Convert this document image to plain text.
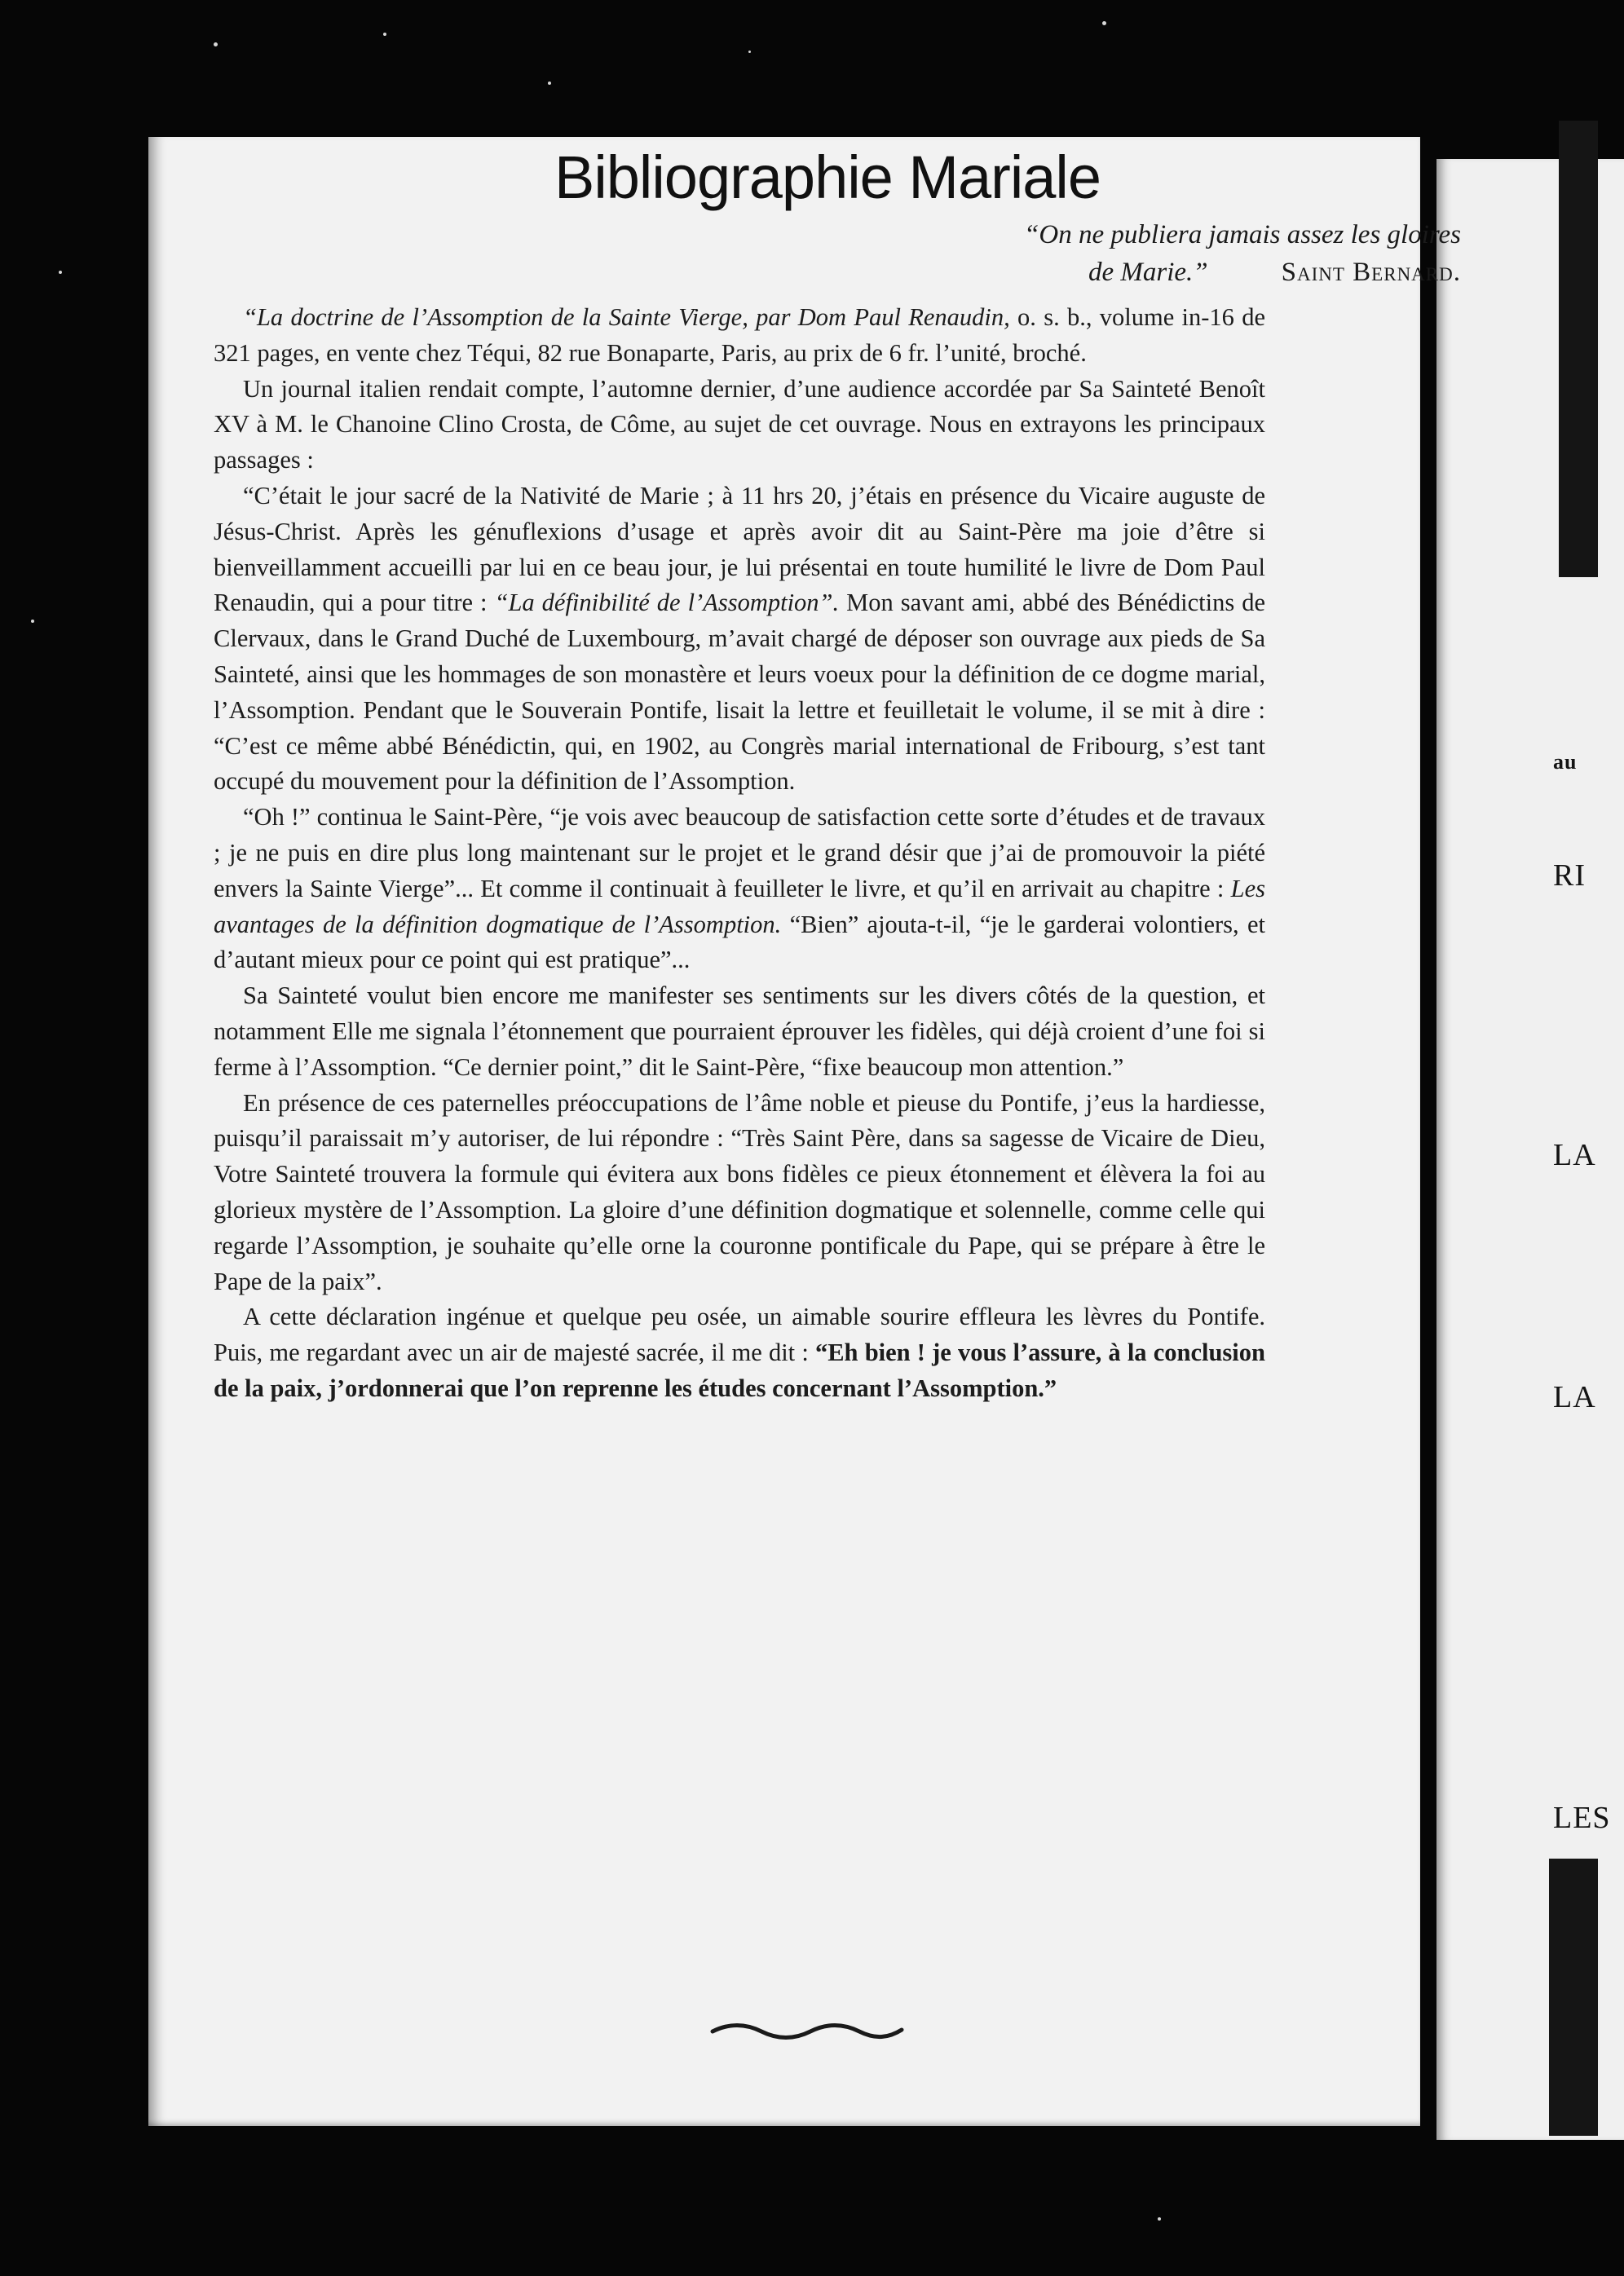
au
RI
LA
LA
LES
Bibliographie Mariale
“On ne publiera jamais assez les gloires
de Marie.”	Saint Bernard.

“La doctrine de l’Assomption de la Sainte Vierge, par Dom Paul Renaudin, o. s. b., volume in-16 de 321 pages, en vente chez Téqui, 82 rue Bonaparte, Paris, au prix de 6 fr. l’unité, broché.

Un journal italien rendait compte, l’automne dernier, d’une audience accordée par Sa Sainteté Benoît XV à M. le Chanoine Clino Crosta, de Côme, au sujet de cet ouvrage. Nous en extrayons les principaux passages :

“C’était le jour sacré de la Nativité de Marie ; à 11 hrs 20, j’étais en présence du Vicaire auguste de Jésus-Christ. Après les génuflexions d’usage et après avoir dit au Saint-Père ma joie d’être si bienveillamment accueilli par lui en ce beau jour, je lui présentai en toute humilité le livre de Dom Paul Renaudin, qui a pour titre : “La définibilité de l’Assomption”. Mon savant ami, abbé des Bénédictins de Clervaux, dans le Grand Duché de Luxembourg, m’avait chargé de déposer son ouvrage aux pieds de Sa Sainteté, ainsi que les hommages de son monastère et leurs voeux pour la définition de ce dogme marial, l’Assomption. Pendant que le Souverain Pontife, lisait la lettre et feuilletait le volume, il se mit à dire : “C’est ce même abbé Bénédictin, qui, en 1902, au Congrès marial international de Fribourg, s’est tant occupé du mouvement pour la définition de l’Assomption.

“Oh !” continua le Saint-Père, “je vois avec beaucoup de satisfaction cette sorte d’études et de travaux ; je ne puis en dire plus long maintenant sur le projet et le grand désir que j’ai de promouvoir la piété envers la Sainte Vierge”... Et comme il continuait à feuilleter le livre, et qu’il en arrivait au chapitre : Les avantages de la définition dogmatique de l’Assomption. “Bien” ajouta-t-il, “je le garderai volontiers, et d’autant mieux pour ce point qui est pratique”...

Sa Sainteté voulut bien encore me manifester ses sentiments sur les divers côtés de la question, et notamment Elle me signala l’étonnement que pourraient éprouver les fidèles, qui déjà croient d’une foi si ferme à l’Assomption. “Ce dernier point,” dit le Saint-Père, “fixe beaucoup mon attention.”

En présence de ces paternelles préoccupations de l’âme noble et pieuse du Pontife, j’eus la hardiesse, puisqu’il paraissait m’y autoriser, de lui répondre : “Très Saint Père, dans sa sagesse de Vicaire de Dieu, Votre Sainteté trouvera la formule qui évitera aux bons fidèles ce pieux étonnement et élèvera la foi au glorieux mystère de l’Assomption. La gloire d’une définition dogmatique et solennelle, comme celle qui regarde l’Assomption, je souhaite qu’elle orne la couronne pontificale du Pape, qui se prépare à être le Pape de la paix”.

A cette déclaration ingénue et quelque peu osée, un aimable sourire effleura les lèvres du Pontife. Puis, me regardant avec un air de majesté sacrée, il me dit : “Eh bien ! je vous l’assure, à la conclusion de la paix, j’ordonnerai que l’on reprenne les études concernant l’Assomption.”
